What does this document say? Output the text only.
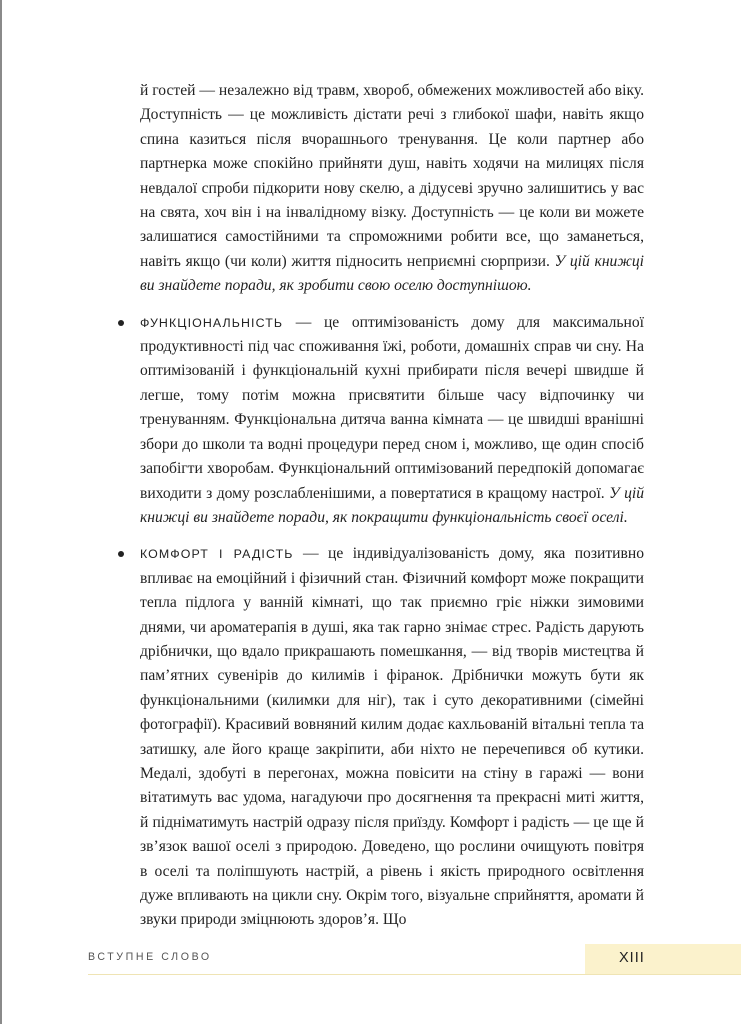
й гостей — незалежно від травм, хвороб, обмежених можливостей або віку. Доступність — це можливість дістати речі з глибокої шафи, навіть якщо спина казиться після вчорашнього тренування. Це коли партнер або партнерка може спокійно прийняти душ, навіть ходячи на милицях після невдалої спроби підкорити нову скелю, а дідусеві зручно залишитись у вас на свята, хоч він і на інвалідному візку. Доступність — це коли ви можете залишатися самостійними та спроможними робити все, що заманеться, навіть якщо (чи коли) життя підносить неприємні сюрпризи. У цій книжці ви знайдете поради, як зробити свою оселю доступнішою.

ФУНКЦІОНАЛЬНІСТЬ — це оптимізованість дому для максимальної продуктивності під час споживання їжі, роботи, домашніх справ чи сну. На оптимізованій і функціональній кухні прибирати після вечері швидше й легше, тому потім можна присвятити більше часу відпочинку чи тренуванням. Функціональна дитяча ванна кімната — це швидші вранішні збори до школи та водні процедури перед сном і, можливо, ще один спосіб запобігти хворобам. Функціональний оптимізований передпокій допомагає виходити з дому розслабленішими, а повертатися в кращому настрої. У цій книжці ви знайдете поради, як покращити функціональність своєї оселі.

КОМФОРТ І РАДІСТЬ — це індивідуалізованість дому, яка позитивно впливає на емоційний і фізичний стан. Фізичний комфорт може покращити тепла підлога у ванній кімнаті, що так приємно гріє ніжки зимовими днями, чи ароматерапія в душі, яка так гарно знімає стрес. Радість дарують дрібнички, що вдало прикрашають помешкання, — від творів мистецтва й пам’ятних сувенірів до килимів і фіранок. Дрібнички можуть бути як функціональними (килимки для ніг), так і суто декоративними (сімейні фотографії). Красивий вовняний килим додає кахльованій вітальні тепла та затишку, але його краще закріпити, аби ніхто не перечепився об кутики. Медалі, здобуті в перегонах, можна повісити на стіну в гаражі — вони вітатимуть вас удома, нагадуючи про досягнення та прекрасні миті життя, й підніматимуть настрій одразу після приїзду. Комфорт і радість — це ще й зв’язок вашої оселі з природою. Доведено, що рослини очищують повітря в оселі та поліпшують настрій, а рівень і якість природного освітлення дуже впливають на цикли сну. Окрім того, візуальне сприйняття, аромати й звуки природи зміцнюють здоров’я. Що

ВСТУПНЕ СЛОВО	XIII
